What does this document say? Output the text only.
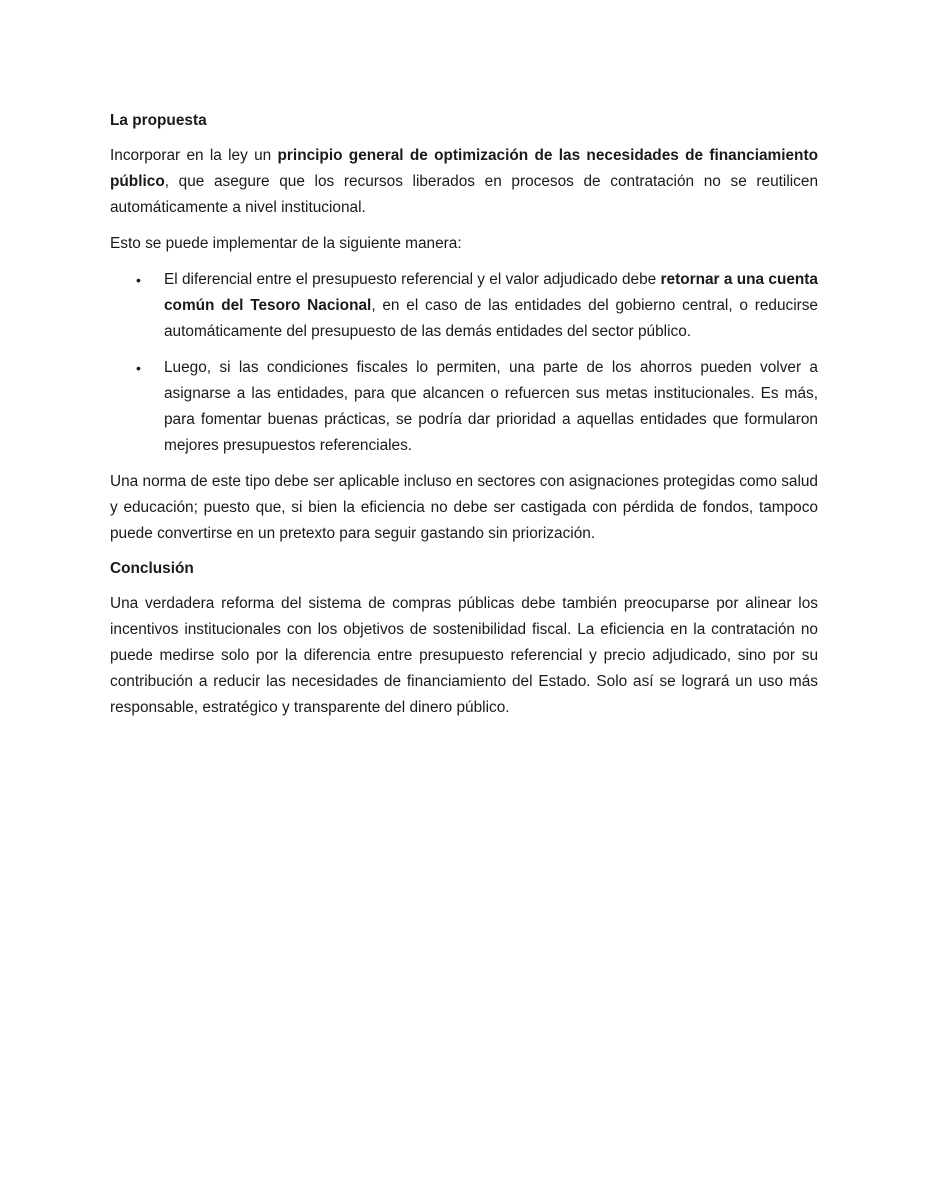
La propuesta

Incorporar en la ley un principio general de optimización de las necesidades de financiamiento público, que asegure que los recursos liberados en procesos de contratación no se reutilicen automáticamente a nivel institucional.

Esto se puede implementar de la siguiente manera:

• El diferencial entre el presupuesto referencial y el valor adjudicado debe retornar a una cuenta común del Tesoro Nacional, en el caso de las entidades del gobierno central, o reducirse automáticamente del presupuesto de las demás entidades del sector público.
• Luego, si las condiciones fiscales lo permiten, una parte de los ahorros pueden volver a asignarse a las entidades, para que alcancen o refuercen sus metas institucionales. Es más, para fomentar buenas prácticas, se podría dar prioridad a aquellas entidades que formularon mejores presupuestos referenciales.

Una norma de este tipo debe ser aplicable incluso en sectores con asignaciones protegidas como salud y educación; puesto que, si bien la eficiencia no debe ser castigada con pérdida de fondos, tampoco puede convertirse en un pretexto para seguir gastando sin priorización.

Conclusión

Una verdadera reforma del sistema de compras públicas debe también preocuparse por alinear los incentivos institucionales con los objetivos de sostenibilidad fiscal. La eficiencia en la contratación no puede medirse solo por la diferencia entre presupuesto referencial y precio adjudicado, sino por su contribución a reducir las necesidades de financiamiento del Estado. Solo así se logrará un uso más responsable, estratégico y transparente del dinero público.
